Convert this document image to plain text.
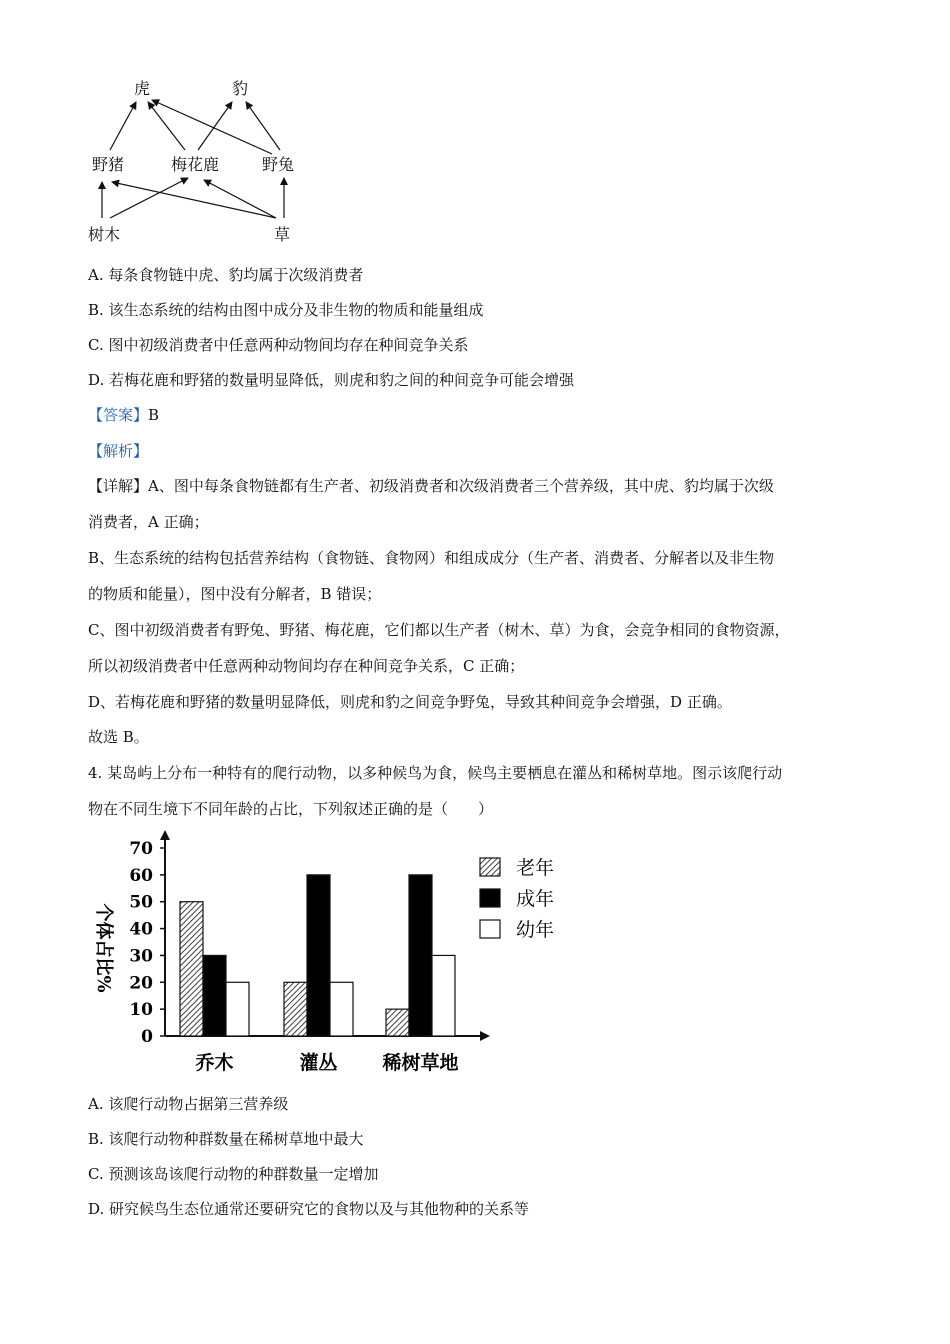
虎	豹
野猪	梅花鹿	野兔
树木	草
A. 每条食物链中虎、豹均属于次级消费者
B. 该生态系统的结构由图中成分及非生物的物质和能量组成
C. 图中初级消费者中任意两种动物间均存在种间竞争关系
D. 若梅花鹿和野猪的数量明显降低，则虎和豹之间的种间竞争可能会增强
【答案】B
【解析】
【详解】A、图中每条食物链都有生产者、初级消费者和次级消费者三个营养级，其中虎、豹均属于次级
消费者，A 正确；
B、生态系统的结构包括营养结构（食物链、食物网）和组成成分（生产者、消费者、分解者以及非生物
的物质和能量），图中没有分解者，B 错误；
C、图中初级消费者有野兔、野猪、梅花鹿，它们都以生产者（树木、草）为食，会竞争相同的食物资源，
所以初级消费者中任意两种动物间均存在种间竞争关系，C 正确；
D、若梅花鹿和野猪的数量明显降低，则虎和豹之间竞争野兔，导致其种间竞争会增强，D 正确。
故选 B。
4. 某岛屿上分布一种特有的爬行动物，以多种候鸟为食，候鸟主要栖息在灌丛和稀树草地。图示该爬行动
物在不同生境下不同年龄的占比，下列叙述正确的是（　　）
0
10
20
30
40
50
60
70
乔木	灌丛 稀树草地
老年
成年
幼年
个体占比%
A. 该爬行动物占据第三营养级
B. 该爬行动物种群数量在稀树草地中最大
C. 预测该岛该爬行动物的种群数量一定增加
D. 研究候鸟生态位通常还要研究它的食物以及与其他物种的关系等
